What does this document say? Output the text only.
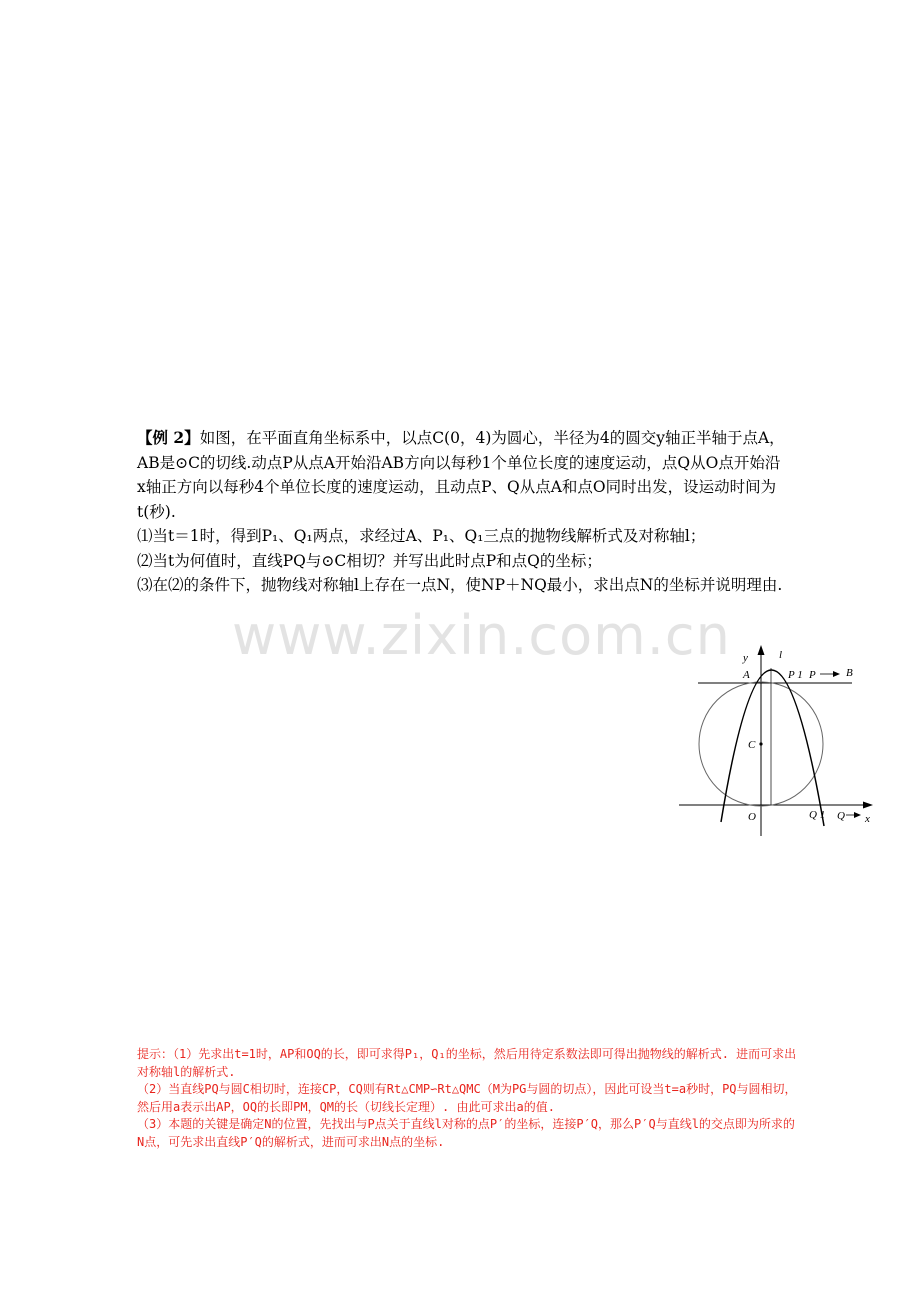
【例 2】如图，在平面直角坐标系中，以点C(0，4)为圆心，半径为4的圆交y轴正半轴于点A，

AB是⊙C的切线.动点P从点A开始沿AB方向以每秒1个单位长度的速度运动，点Q从O点开始沿x轴正方向以每秒4个单位长度的速度运动，且动点P、Q从点A和点O同时出发，设运动时间为t(秒).

⑴当t＝1时，得到P₁、Q₁两点，求经过A、P₁、Q₁三点的抛物线解析式及对称轴l；

⑵当t为何值时，直线PQ与⊙C相切？并写出此时点P和点Q的坐标；

⑶在⑵的条件下，抛物线对称轴l上存在一点N，使NP＋NQ最小，求出点N的坐标并说明理由.

www.zixin.com.cn y	l
A	P 1 P	B
C
O	Q 1 Q x

提示：（1）先求出t=1时，AP和OQ的长，即可求得P₁，Q₁的坐标，然后用待定系数法即可得出抛物线的解析式. 进而可求出对称轴l的解析式.

（2）当直线PQ与圆C相切时，连接CP，CQ则有Rt△CMP∽Rt△QMC（M为PG与圆的切点），因此可设当t=a秒时，PQ与圆相切，然后用a表示出AP，OQ的长即PM，QM的长（切线长定理）. 由此可求出a的值.

（3）本题的关键是确定N的位置，先找出与P点关于直线l对称的点P′的坐标，连接P′Q，那么P′Q与直线l的交点即为所求的N点，可先求出直线P′Q的解析式，进而可求出N点的坐标.
